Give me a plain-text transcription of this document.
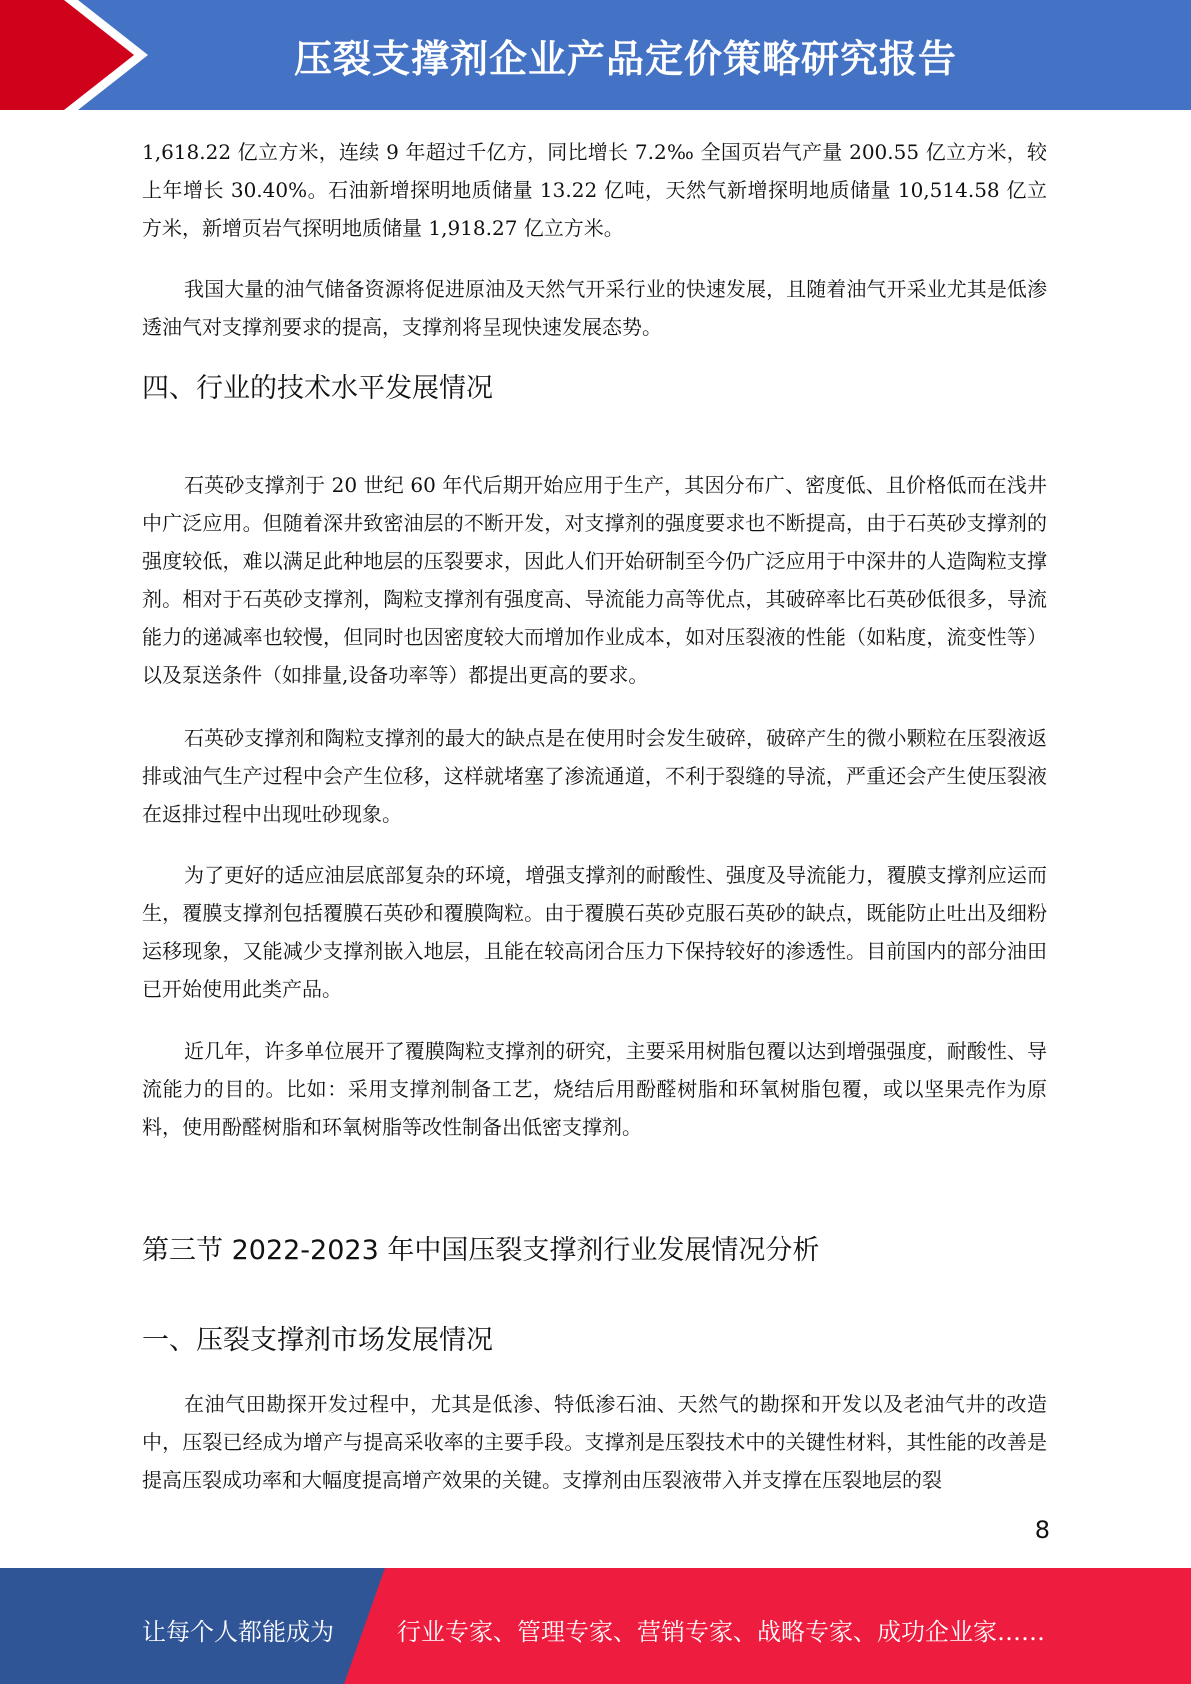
压裂支撑剂企业产品定价策略研究报告

1,618.22 亿立方米，连续 9 年超过千亿方，同比增长 7.2‰ 全国页岩气产量 200.55 亿立方米，较上年增长 30.40%。石油新增探明地质储量 13.22 亿吨，天然气新增探明地质储量 10,514.58 亿立方米，新增页岩气探明地质储量 1,918.27 亿立方米。

我国大量的油气储备资源将促进原油及天然气开采行业的快速发展，且随着油气开采业尤其是低渗透油气对支撑剂要求的提高，支撑剂将呈现快速发展态势。

四、行业的技术水平发展情况

石英砂支撑剂于 20 世纪 60 年代后期开始应用于生产，其因分布广、密度低、且价格低而在浅井中广泛应用。但随着深井致密油层的不断开发，对支撑剂的强度要求也不断提高，由于石英砂支撑剂的强度较低，难以满足此种地层的压裂要求，因此人们开始研制至今仍广泛应用于中深井的人造陶粒支撑剂。相对于石英砂支撑剂，陶粒支撑剂有强度高、导流能力高等优点，其破碎率比石英砂低很多，导流能力的递减率也较慢，但同时也因密度较大而增加作业成本，如对压裂液的性能（如粘度，流变性等）以及泵送条件（如排量,设备功率等）都提出更高的要求。

石英砂支撑剂和陶粒支撑剂的最大的缺点是在使用时会发生破碎，破碎产生的微小颗粒在压裂液返排或油气生产过程中会产生位移，这样就堵塞了渗流通道，不利于裂缝的导流，严重还会产生使压裂液在返排过程中出现吐砂现象。

为了更好的适应油层底部复杂的环境，增强支撑剂的耐酸性、强度及导流能力，覆膜支撑剂应运而生，覆膜支撑剂包括覆膜石英砂和覆膜陶粒。由于覆膜石英砂克服石英砂的缺点，既能防止吐出及细粉运移现象，又能减少支撑剂嵌入地层，且能在较高闭合压力下保持较好的渗透性。目前国内的部分油田已开始使用此类产品。

近几年，许多单位展开了覆膜陶粒支撑剂的研究，主要采用树脂包覆以达到增强强度，耐酸性、导流能力的目的。比如：采用支撑剂制备工艺，烧结后用酚醛树脂和环氧树脂包覆，或以坚果壳作为原料，使用酚醛树脂和环氧树脂等改性制备出低密支撑剂。

第三节 2022-2023 年中国压裂支撑剂行业发展情况分析
一、压裂支撑剂市场发展情况

在油气田勘探开发过程中，尤其是低渗、特低渗石油、天然气的勘探和开发以及老油气井的改造中，压裂已经成为增产与提高采收率的主要手段。支撑剂是压裂技术中的关键性材料，其性能的改善是提高压裂成功率和大幅度提高增产效果的关键。支撑剂由压裂液带入并支撑在压裂地层的裂

8
让每个人都能成为	行业专家、管理专家、营销专家、战略专家、成功企业家……
